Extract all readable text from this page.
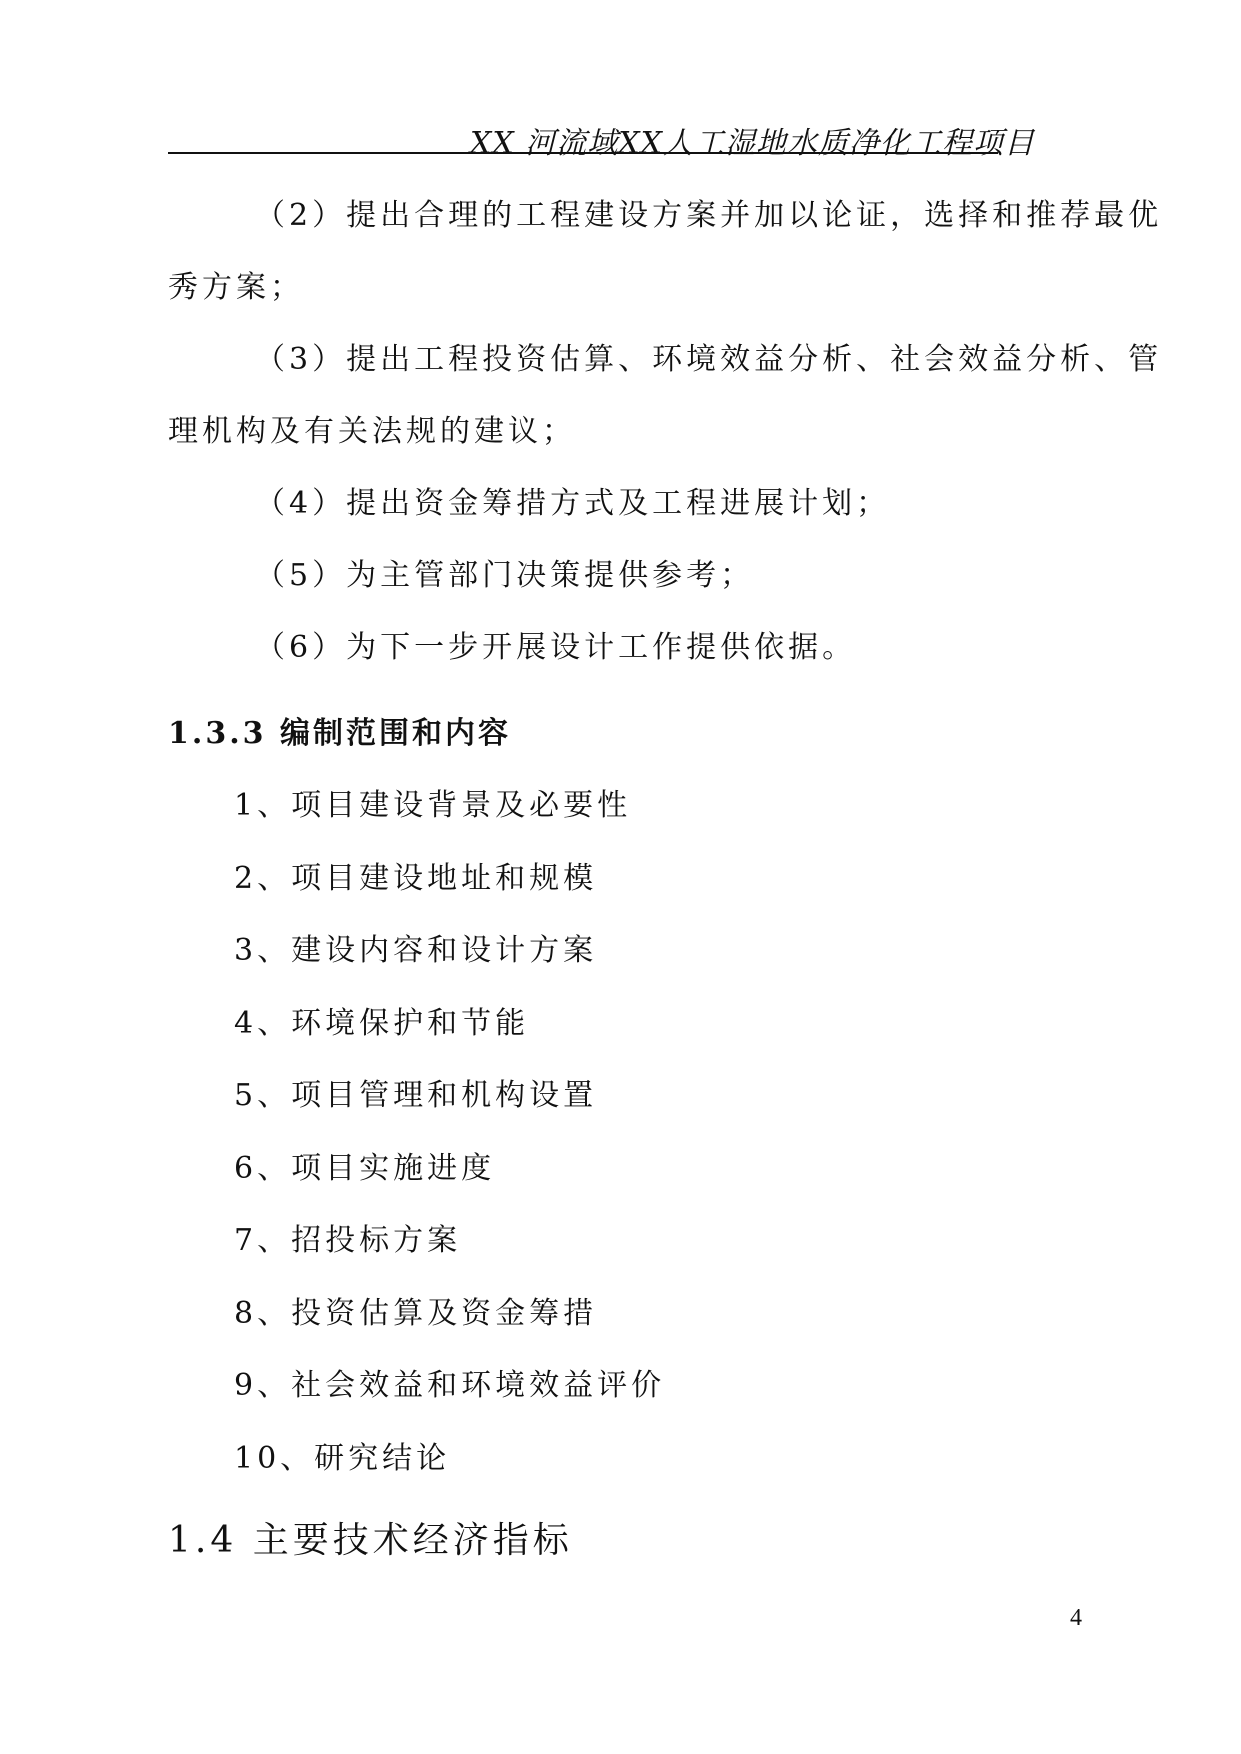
XX 河流域XX人工湿地水质净化工程项目
（2）提出合理的工程建设方案并加以论证，选择和推荐最优
秀方案；
（3）提出工程投资估算、环境效益分析、社会效益分析、管
理机构及有关法规的建议；
（4）提出资金筹措方式及工程进展计划；
（5）为主管部门决策提供参考；
（6）为下一步开展设计工作提供依据。
1.3.3 编制范围和内容
1、项目建设背景及必要性
2、项目建设地址和规模
3、建设内容和设计方案
4、环境保护和节能
5、项目管理和机构设置
6、项目实施进度
7、招投标方案
8、投资估算及资金筹措
9、社会效益和环境效益评价
10、研究结论
1.4 主要技术经济指标
4
